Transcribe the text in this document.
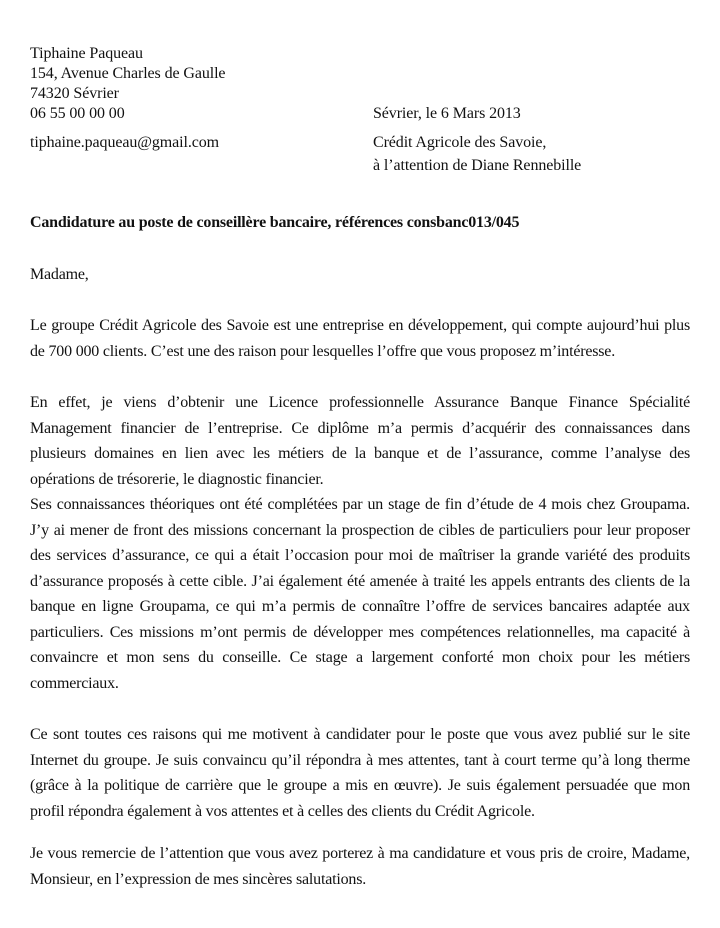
Tiphaine Paqueau
154, Avenue Charles de Gaulle
74320 Sévrier
06 55 00 00 00	Sévrier, le 6 Mars 2013
tiphaine.paqueau@gmail.com	Crédit Agricole des Savoie,
à l’attention de Diane Rennebille

Candidature au poste de conseillère bancaire, références consbanc013/045

Madame,

Le groupe Crédit Agricole des Savoie est une entreprise en développement, qui compte aujourd’hui plus de 700 000 clients. C’est une des raison pour lesquelles l’offre que vous proposez m’intéresse.

En effet, je viens d’obtenir une Licence professionnelle Assurance Banque Finance Spécialité Management financier de l’entreprise. Ce diplôme m’a permis d’acquérir des connaissances dans plusieurs domaines en lien avec les métiers de la banque et de l’assurance, comme l’analyse des opérations de trésorerie, le diagnostic financier.

Ses connaissances théoriques ont été complétées par un stage de fin d’étude de 4 mois chez Groupama. J’y ai mener de front des missions concernant la prospection de cibles de particuliers pour leur proposer des services d’assurance, ce qui a était l’occasion pour moi de maîtriser la grande variété des produits d’assurance proposés à cette cible. J’ai également été amenée à traité les appels entrants des clients de la banque en ligne Groupama, ce qui m’a permis de connaître l’offre de services bancaires adaptée aux particuliers. Ces missions m’ont permis de développer mes compétences relationnelles, ma capacité à convaincre et mon sens du conseille. Ce stage a largement conforté mon choix pour les métiers commerciaux.

Ce sont toutes ces raisons qui me motivent à candidater pour le poste que vous avez publié sur le site Internet du groupe. Je suis convaincu qu’il répondra à mes attentes, tant à court terme qu’à long therme (grâce à la politique de carrière que le groupe a mis en œuvre). Je suis également persuadée que mon profil répondra également à vos attentes et à celles des clients du Crédit Agricole.

Je vous remercie de l’attention que vous avez porterez à ma candidature et vous pris de croire, Madame, Monsieur, en l’expression de mes sincères salutations.
